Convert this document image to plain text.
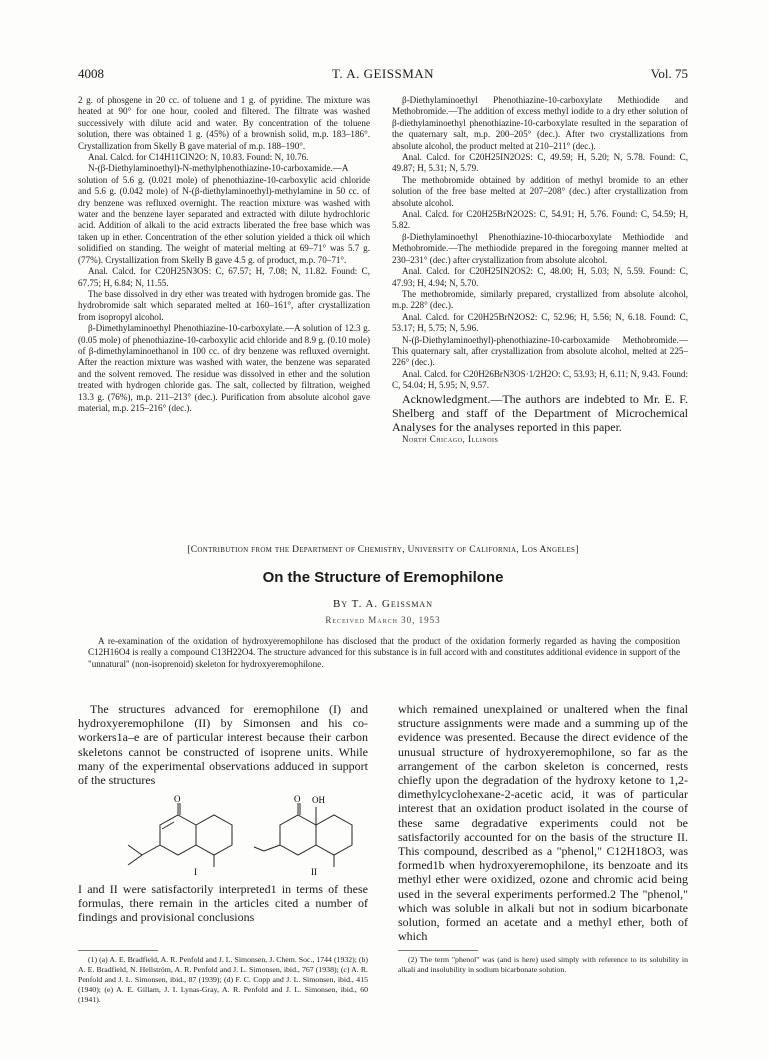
4008	T. A. GEISSMAN	Vol. 75

2 g. of phosgene in 20 cc. of toluene and 1 g. of pyridine. The mixture was heated at 90° for one hour, cooled and filtered. The filtrate was washed successively with dilute acid and water. By concentration of the toluene solution, there was obtained 1 g. (45%) of a brownish solid, m.p. 183–186°. Crystallization from Skelly B gave material of m.p. 188–190°.

Anal. Calcd. for C14H11ClN2O: N, 10.83. Found: N, 10.76.

N-(β-Diethylaminoethyl)-N-methylphenothiazine-10-carboxamide.—A solution of 5.6 g. (0.021 mole) of phenothiazine-10-carboxylic acid chloride and 5.6 g. (0.042 mole) of N-(β-diethylaminoethyl)-methylamine in 50 cc. of dry benzene was refluxed overnight. The reaction mixture was washed with water and the benzene layer separated and extracted with dilute hydrochloric acid. Addition of alkali to the acid extracts liberated the free base which was taken up in ether. Concentration of the ether solution yielded a thick oil which solidified on standing. The weight of material melting at 69–71° was 5.7 g. (77%). Crystallization from Skelly B gave 4.5 g. of product, m.p. 70–71°.

Anal. Calcd. for C20H25N3OS: C, 67.57; H, 7.08; N, 11.82. Found: C, 67.75; H, 6.84; N, 11.55.

The base dissolved in dry ether was treated with hydrogen bromide gas. The hydrobromide salt which separated melted at 160–161°, after crystallization from isopropyl alcohol.

β-Dimethylaminoethyl Phenothiazine-10-carboxylate.—A solution of 12.3 g. (0.05 mole) of phenothiazine-10-carboxylic acid chloride and 8.9 g. (0.10 mole) of β-dimethylaminoethanol in 100 cc. of dry benzene was refluxed overnight. After the reaction mixture was washed with water, the benzene was separated and the solvent removed. The residue was dissolved in ether and the solution treated with hydrogen chloride gas. The salt, collected by filtration, weighed 13.3 g. (76%), m.p. 211–213° (dec.). Purification from absolute alcohol gave material, m.p. 215–216° (dec.).

β-Diethylaminoethyl Phenothiazine-10-carboxylate Methiodide and Methobromide.—The addition of excess methyl iodide to a dry ether solution of β-diethylaminoethyl phenothiazine-10-carboxylate resulted in the separation of the quaternary salt, m.p. 200–205° (dec.). After two crystallizations from absolute alcohol, the product melted at 210–211° (dec.).

Anal. Calcd. for C20H25IN2O2S: C, 49.59; H, 5.20; N, 5.78. Found: C, 49.87; H, 5.31; N, 5.79.

The methobromide obtained by addition of methyl bromide to an ether solution of the free base melted at 207–208° (dec.) after crystallization from absolute alcohol.

Anal. Calcd. for C20H25BrN2O2S: C, 54.91; H, 5.76. Found: C, 54.59; H, 5.82.

β-Diethylaminoethyl Phenothiazine-10-thiocarboxylate Methiodide and Methobromide.—The methiodide prepared in the foregoing manner melted at 230–231° (dec.) after crystallization from absolute alcohol.

Anal. Calcd. for C20H25IN2OS2: C, 48.00; H, 5.03; N, 5.59. Found: C, 47.93; H, 4.94; N, 5.70.

The methobromide, similarly prepared, crystallized from absolute alcohol, m.p. 228° (dec.).

Anal. Calcd. for C20H25BrN2OS2: C, 52.96; H, 5.56; N, 6.18. Found: C, 53.17; H, 5.75; N, 5.96.

N-(β-Diethylaminoethyl)-phenothiazine-10-carboxamide Methobromide.—This quaternary salt, after crystallization from absolute alcohol, melted at 225–226° (dec.).

Anal. Calcd. for C20H26BrN3OS·1/2H2O: C, 53.93; H, 6.11; N, 9.43. Found: C, 54.04; H, 5.95; N, 9.57.

Acknowledgment.—The authors are indebted to Mr. E. F. Shelberg and staff of the Department of Microchemical Analyses for the analyses reported in this paper.

North Chicago, Illinois

[Contribution from the Department of Chemistry, University of California, Los Angeles]
On the Structure of Eremophilone
By T. A. Geissman
Received March 30, 1953
A re-examination of the oxidation of hydroxyeremophilone has disclosed that the product of the oxidation formerly regarded as having the composition C12H16O4 is really a compound C13H22O4. The structure advanced for this substance is in full accord with and constitutes additional evidence in support of the "unnatural" (non-isoprenoid) skeleton for hydroxyeremophilone.
The structures advanced for eremophilone (I) and hydroxyeremophilone (II) by Simonsen and his co-workers1a–e are of particular interest because their carbon skeletons cannot be constructed of isoprene units. While many of the experimental observations adduced in support of the structures
O
I
O OH
II
I and II were satisfactorily interpreted1 in terms of these formulas, there remain in the articles cited a number of findings and provisional conclusions
which remained unexplained or unaltered when the final structure assignments were made and a summing up of the evidence was presented. Because the direct evidence of the unusual structure of hydroxyeremophilone, so far as the arrangement of the carbon skeleton is concerned, rests chiefly upon the degradation of the hydroxy ketone to 1,2-dimethylcyclohexane-2-acetic acid, it was of particular interest that an oxidation product isolated in the course of these same degradative experiments could not be satisfactorily accounted for on the basis of the structure II. This compound, described as a "phenol," C12H18O3, was formed1b when hydroxyeremophilone, its benzoate and its methyl ether were oxidized, ozone and chromic acid being used in the several experiments performed.2 The "phenol," which was soluble in alkali but not in sodium bicarbonate solution, formed an acetate and a methyl ether, both of which
(1) (a) A. E. Bradfield, A. R. Penfold and J. L. Simonsen, J. Chem. Soc., 1744 (1932); (b) A. E. Bradfield, N. Hellström, A. R. Penfold and J. L. Simonsen, ibid., 767 (1938); (c) A. R. Penfold and J. L. Simonsen, ibid., 87 (1939); (d) F. C. Copp and J. L. Simonsen, ibid., 415 (1940); (e) A. E. Gillam, J. I. Lynas-Gray, A. R. Penfold and J. L. Simonsen, ibid., 60 (1941).
(2) The term "phenol" was (and is here) used simply with reference to its solubility in alkali and insolubility in sodium bicarbonate solution.
